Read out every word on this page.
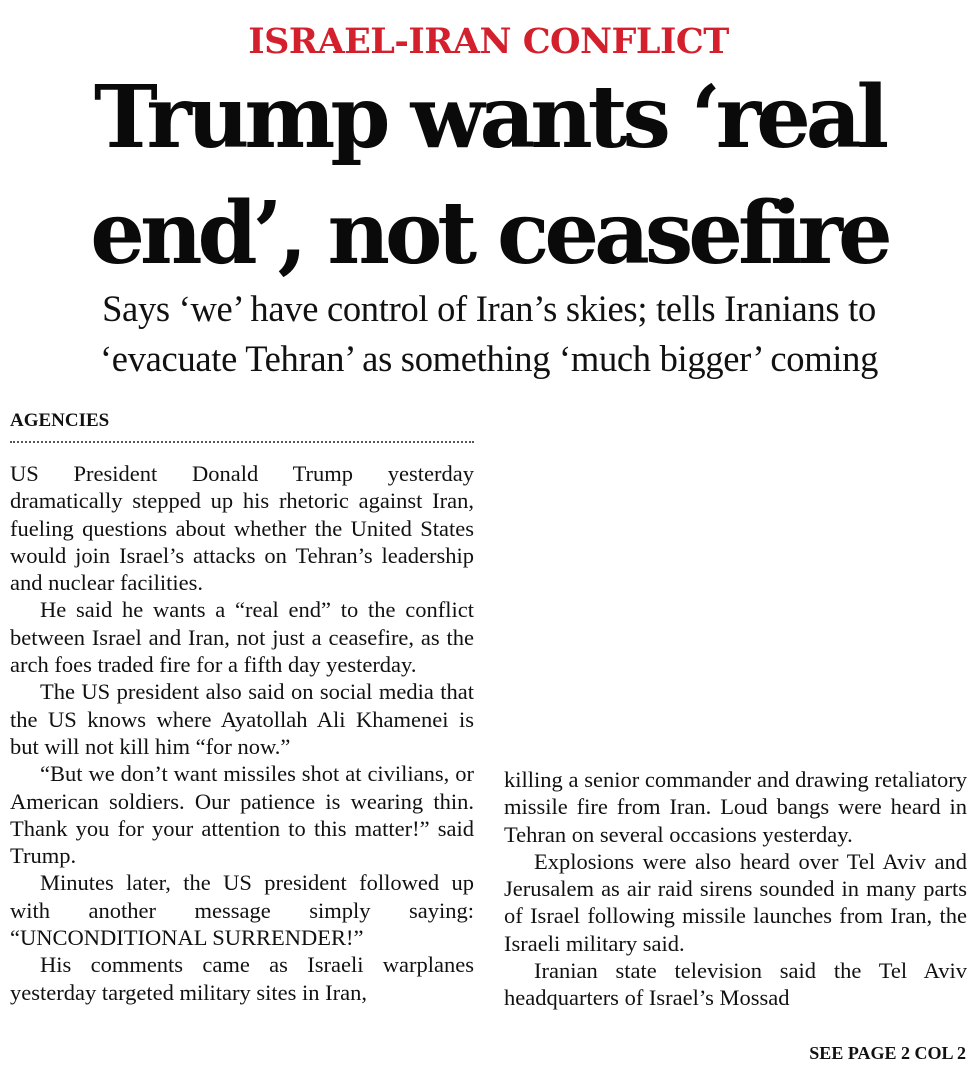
ISRAEL-IRAN CONFLICT
Trump wants ‘real
end’, not ceasefire
Says ‘we’ have control of Iran’s skies; tells Iranians to
‘evacuate Tehran’ as something ‘much bigger’ coming
AGENCIES

US President Donald Trump yesterday dramatically stepped up his rhetoric against Iran, fueling questions about whether the United States would join Israel’s attacks on Tehran’s leadership and nuclear facilities.

He said he wants a “real end” to the conflict between Israel and Iran, not just a ceasefire, as the arch foes traded fire for a fifth day yesterday.

The US president also said on social media that the US knows where Ayatollah Ali Khamenei is but will not kill him “for now.”

“But we don’t want missiles shot at civilians, or American soldiers. Our patience is wearing thin. Thank you for your attention to this matter!” said Trump.

Minutes later, the US president followed up with another message simply saying: “UNCONDITIONAL SURRENDER!”

His comments came as Israeli warplanes yesterday targeted military sites in Iran,

killing a senior commander and drawing retaliatory missile fire from Iran. Loud bangs were heard in Tehran on several occasions yesterday.

Explosions were also heard over Tel Aviv and Jerusalem as air raid sirens sounded in many parts of Israel following missile launches from Iran, the Israeli military said.

Iranian state television said the Tel Aviv headquarters of Israel’s Mossad

SEE PAGE 2 COL 2
